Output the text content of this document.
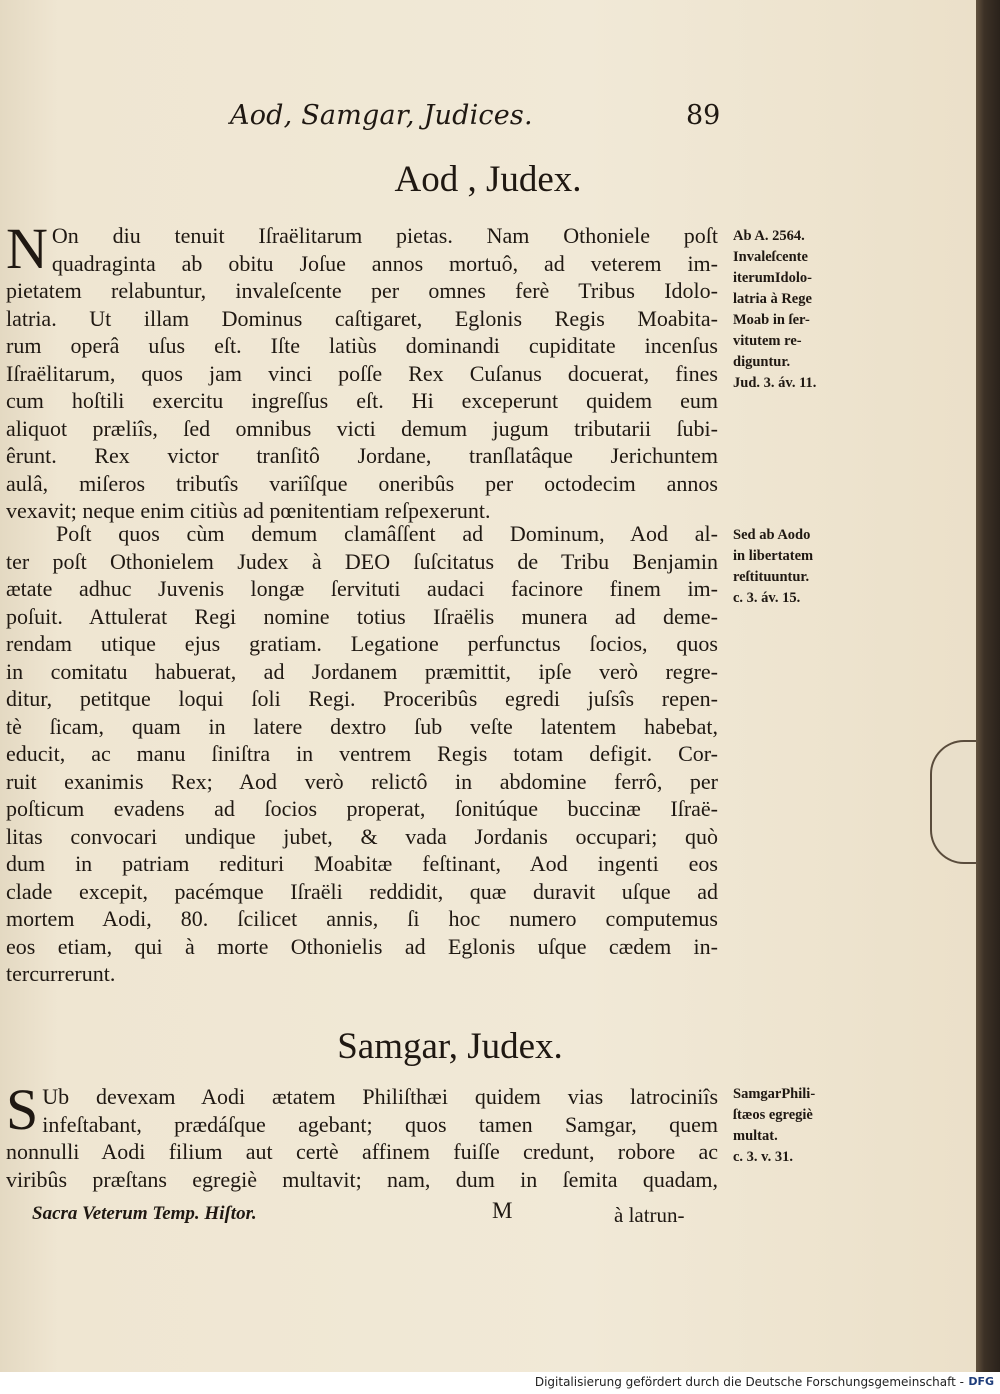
Aod, Samgar, Judices.	89
Aod , Judex.
N On diu tenuit Iſraëlitarum pietas. Nam Othoniele poſt
quadraginta ab obitu Joſue annos mortuô, ad veterem im-
pietatem relabuntur, invaleſcente per omnes ferè Tribus Idolo-
latria. Ut illam Dominus caſtigaret, Eglonis Regis Moabita-
rum operâ uſus eſt. Iſte latiùs dominandi cupiditate incenſus
Iſraëlitarum, quos jam vinci poſſe Rex Cuſanus docuerat, fines
cum hoſtili exercitu ingreſſus eſt. Hi exceperunt quidem eum
aliquot præliîs, ſed omnibus victi demum jugum tributarii ſubi-
êrunt. Rex victor tranſitô Jordane, tranſlatâque Jerichuntem
aulâ, miſeros tributîs variîſque oneribûs per octodecim annos
vexavit; neque enim citiùs ad pœnitentiam reſpexerunt.
Ab A. 2564.
Invaleſcente
iterumIdolo-
latria à Rege
Moab in ſer-
vitutem re-
diguntur.
Jud. 3. áv. 11.
Poſt quos cùm demum clamâſſent ad Dominum, Aod al-
ter poſt Othonielem Judex à DEO ſuſcitatus de Tribu Benjamin
ætate adhuc Juvenis longæ ſervituti audaci facinore finem im-
poſuit. Attulerat Regi nomine totius Iſraëlis munera ad deme-
rendam utique ejus gratiam. Legatione perfunctus ſocios, quos
in comitatu habuerat, ad Jordanem præmittit, ipſe verò regre-
ditur, petitque loqui ſoli Regi. Proceribûs egredi juſsîs repen-
tè ſicam, quam in latere dextro ſub veſte latentem habebat,
educit, ac manu ſiniſtra in ventrem Regis totam defigit. Cor-
ruit exanimis Rex; Aod verò relictô in abdomine ferrô, per
poſticum evadens ad ſocios properat, ſonitúque buccinæ Iſraë-
litas convocari undique jubet, & vada Jordanis occupari; quò
dum in patriam redituri Moabitæ feſtinant, Aod ingenti eos
clade excepit, pacémque Iſraëli reddidit, quæ duravit uſque ad
mortem Aodi, 80. ſcilicet annis, ſi hoc numero computemus
eos etiam, qui à morte Othonielis ad Eglonis uſque cædem in-
tercurrerunt.
Sed ab Aodo
in libertatem
reſtituuntur.
c. 3. áv. 15.
Samgar, Judex.
S Ub devexam Aodi ætatem Philiſthæi quidem vias latrociniîs
infeſtabant, prædáſque agebant; quos tamen Samgar, quem
nonnulli Aodi filium aut certè affinem fuiſſe credunt, robore ac
viribûs præſtans egregiè multavit; nam, dum in ſemita quadam,
SamgarPhili-
ſtæos egregiè
multat.
c. 3. v. 31.
Sacra Veterum Temp. Hiſtor.	M	à latrun-
Digitalisierung gefördert durch die Deutsche Forschungsgemeinschaft - DFG
